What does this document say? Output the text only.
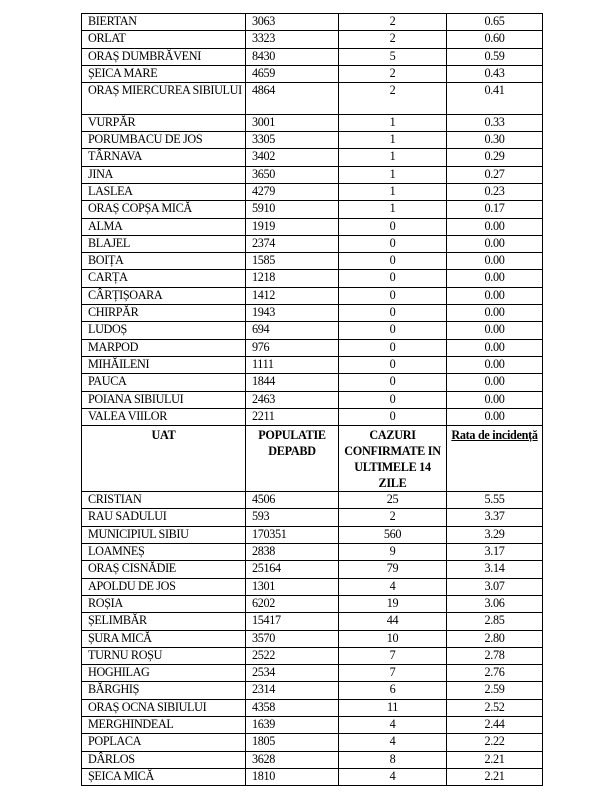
BIERTAN	3063	2	0.65
ORLAT	3323	2	0.60
ORAȘ DUMBRĂVENI	8430	5	0.59
ȘEICA MARE	4659	2	0.43
ORAȘ MIERCUREA SIBIULUI	4864	2	0.41
VURPĂR	3001	1	0.33
PORUMBACU DE JOS	3305	1	0.30
TÂRNAVA	3402	1	0.29
JINA	3650	1	0.27
LASLEA	4279	1	0.23
ORAȘ COPȘA MICĂ	5910	1	0.17
ALMA	1919	0	0.00
BLAJEL	2374	0	0.00
BOIȚA	1585	0	0.00
CARȚA	1218	0	0.00
CÂRȚIȘOARA	1412	0	0.00
CHIRPĂR	1943	0	0.00
LUDOȘ	694	0	0.00
MARPOD	976	0	0.00
MIHĂILENI	1111	0	0.00
PAUCA	1844	0	0.00
POIANA SIBIULUI	2463	0	0.00
VALEA VIILOR	2211	0	0.00
UAT	POPULATIE DEPABD	CAZURI CONFIRMATE IN ULTIMELE 14 ZILE	Rata de incidență
CRISTIAN	4506	25	5.55
RAU SADULUI	593	2	3.37
MUNICIPIUL SIBIU	170351	560	3.29
LOAMNEȘ	2838	9	3.17
ORAȘ CISNĂDIE	25164	79	3.14
APOLDU DE JOS	1301	4	3.07
ROȘIA	6202	19	3.06
ȘELIMBĂR	15417	44	2.85
ȘURA MICĂ	3570	10	2.80
TURNU ROȘU	2522	7	2.78
HOGHILAG	2534	7	2.76
BĂRGHIȘ	2314	6	2.59
ORAȘ OCNA SIBIULUI	4358	11	2.52
MERGHINDEAL	1639	4	2.44
POPLACA	1805	4	2.22
DÂRLOS	3628	8	2.21
ȘEICA MICĂ	1810	4	2.21
